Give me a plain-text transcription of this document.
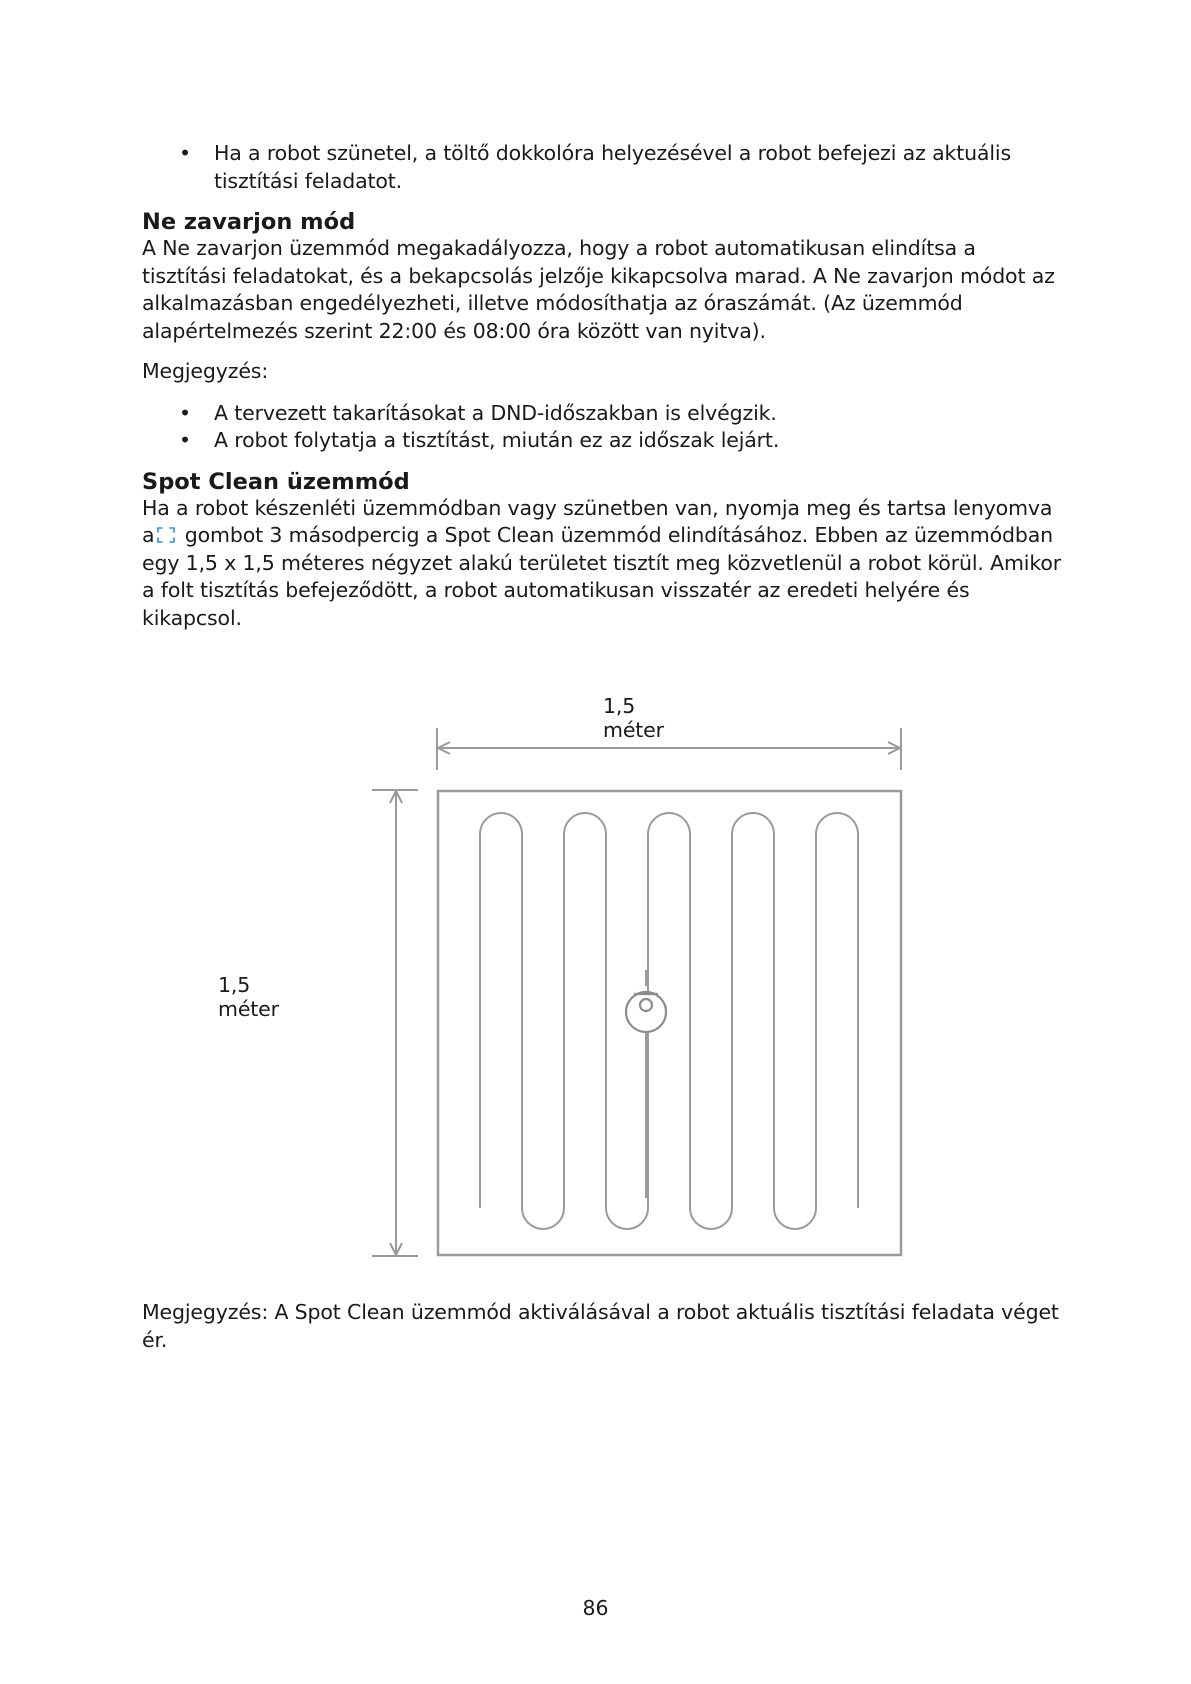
• Ha a robot szünetel, a töltő dokkolóra helyezésével a robot befejezi az aktuális tisztítási feladatot.
Ne zavarjon mód

A Ne zavarjon üzemmód megakadályozza, hogy a robot automatikusan elindítsa a tisztítási feladatokat, és a bekapcsolás jelzője kikapcsolva marad. A Ne zavarjon módot az alkalmazásban engedélyezheti, illetve módosíthatja az óraszámát. (Az üzemmód alapértelmezés szerint 22:00 és 08:00 óra között van nyitva).

Megjegyzés:

• A tervezett takarításokat a DND-időszakban is elvégzik.
• A robot folytatja a tisztítást, miután ez az időszak lejárt.
Spot Clean üzemmód

Ha a robot készenléti üzemmódban vagy szünetben van, nyomja meg és tartsa lenyomva a gombot 3 másodpercig a Spot Clean üzemmód elindításához. Ebben az üzemmódban egy 1,5 x 1,5 méteres négyzet alakú területet tisztít meg közvetlenül a robot körül. Amikor a folt tisztítás befejeződött, a robot automatikusan visszatér az eredeti helyére és kikapcsol.

1,5 méter
1,5 méter

Megjegyzés: A Spot Clean üzemmód aktiválásával a robot aktuális tisztítási feladata véget ér.

86
